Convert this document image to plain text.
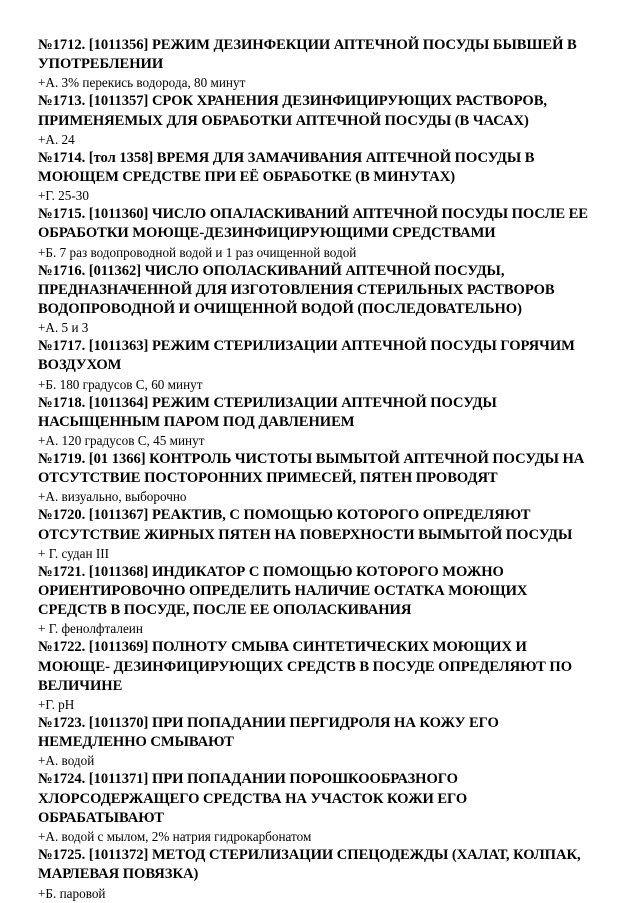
№1712. [1011356] РЕЖИМ ДЕЗИНФЕКЦИИ АПТЕЧНОЙ ПОСУДЫ БЫВШЕЙ В УПОТРЕБЛЕНИИ
+А. 3% перекись водорода, 80 минут
№1713. [1011357] СРОК ХРАНЕНИЯ ДЕЗИНФИЦИРУЮЩИХ РАСТВОРОВ, ПРИМЕНЯЕМЫХ ДЛЯ ОБРАБОТКИ АПТЕЧНОЙ ПОСУДЫ (В ЧАСАХ)
+А. 24
№1714. [тол 1358] ВРЕМЯ ДЛЯ ЗАМАЧИВАНИЯ АПТЕЧНОЙ ПОСУДЫ В МОЮЩЕМ СРЕДСТВЕ ПРИ ЕЁ ОБРАБОТКЕ (В МИНУТАХ)
+Г. 25-30
№1715. [1011360] ЧИСЛО ОПАЛАСКИВАНИЙ АПТЕЧНОЙ ПОСУДЫ ПОСЛЕ ЕЕ ОБРАБОТКИ МОЮЩЕ-ДЕЗИНФИЦИРУЮЩИМИ СРЕДСТВАМИ
+Б. 7 раз водопроводной водой и 1 раз очищенной водой
№1716. [011362] ЧИСЛО ОПОЛАСКИВАНИЙ АПТЕЧНОЙ ПОСУДЫ, ПРЕДНАЗНАЧЕННОЙ ДЛЯ ИЗГОТОВЛЕНИЯ СТЕРИЛЬНЫХ РАСТВОРОВ ВОДОПРОВОДНОЙ И ОЧИЩЕННОЙ ВОДОЙ (ПОСЛЕДОВАТЕЛЬНО)
+А. 5 и 3
№1717. [1011363] РЕЖИМ СТЕРИЛИЗАЦИИ АПТЕЧНОЙ ПОСУДЫ ГОРЯЧИМ ВОЗДУХОМ
+Б. 180 градусов С, 60 минут
№1718. [1011364] РЕЖИМ СТЕРИЛИЗАЦИИ АПТЕЧНОЙ ПОСУДЫ НАСЫЩЕННЫМ ПАРОМ ПОД ДАВЛЕНИЕМ
+А. 120 градусов С, 45 минут
№1719. [01 1366] КОНТРОЛЬ ЧИСТОТЫ ВЫМЫТОЙ АПТЕЧНОЙ ПОСУДЫ НА ОТСУТСТВИЕ ПОСТОРОННИХ ПРИМЕСЕЙ, ПЯТЕН ПРОВОДЯТ
+А. визуально, выборочно
№1720. [1011367] РЕАКТИВ, С ПОМОЩЬЮ КОТОРОГО ОПРЕДЕЛЯЮТ ОТСУТСТВИЕ ЖИРНЫХ ПЯТЕН НА ПОВЕРХНОСТИ ВЫМЫТОЙ ПОСУДЫ
+ Г. судан III
№1721. [1011368] ИНДИКАТОР С ПОМОЩЬЮ КОТОРОГО МОЖНО ОРИЕНТИРОВОЧНО ОПРЕДЕЛИТЬ НАЛИЧИЕ ОСТАТКА МОЮЩИХ СРЕДСТВ В ПОСУДЕ, ПОСЛЕ ЕЕ ОПОЛАСКИВАНИЯ
+ Г. фенолфталеин
№1722. [1011369] ПОЛНОТУ СМЫВА СИНТЕТИЧЕСКИХ МОЮЩИХ И МОЮЩЕ- ДЕЗИНФИЦИРУЮЩИХ СРЕДСТВ В ПОСУДЕ ОПРЕДЕЛЯЮТ ПО ВЕЛИЧИНЕ
+Г. рН
№1723. [1011370] ПРИ ПОПАДАНИИ ПЕРГИДРОЛЯ НА КОЖУ ЕГО НЕМЕДЛЕННО СМЫВАЮТ
+А. водой
№1724. [1011371] ПРИ ПОПАДАНИИ ПОРОШКООБРАЗНОГО ХЛОРСОДЕРЖАЩЕГО СРЕДСТВА НА УЧАСТОК КОЖИ ЕГО ОБРАБАТЫВАЮТ
+А. водой с мылом, 2% натрия гидрокарбонатом
№1725. [1011372] МЕТОД СТЕРИЛИЗАЦИИ СПЕЦОДЕЖДЫ (ХАЛАТ, КОЛПАК, МАРЛЕВАЯ ПОВЯЗКА)
+Б. паровой
